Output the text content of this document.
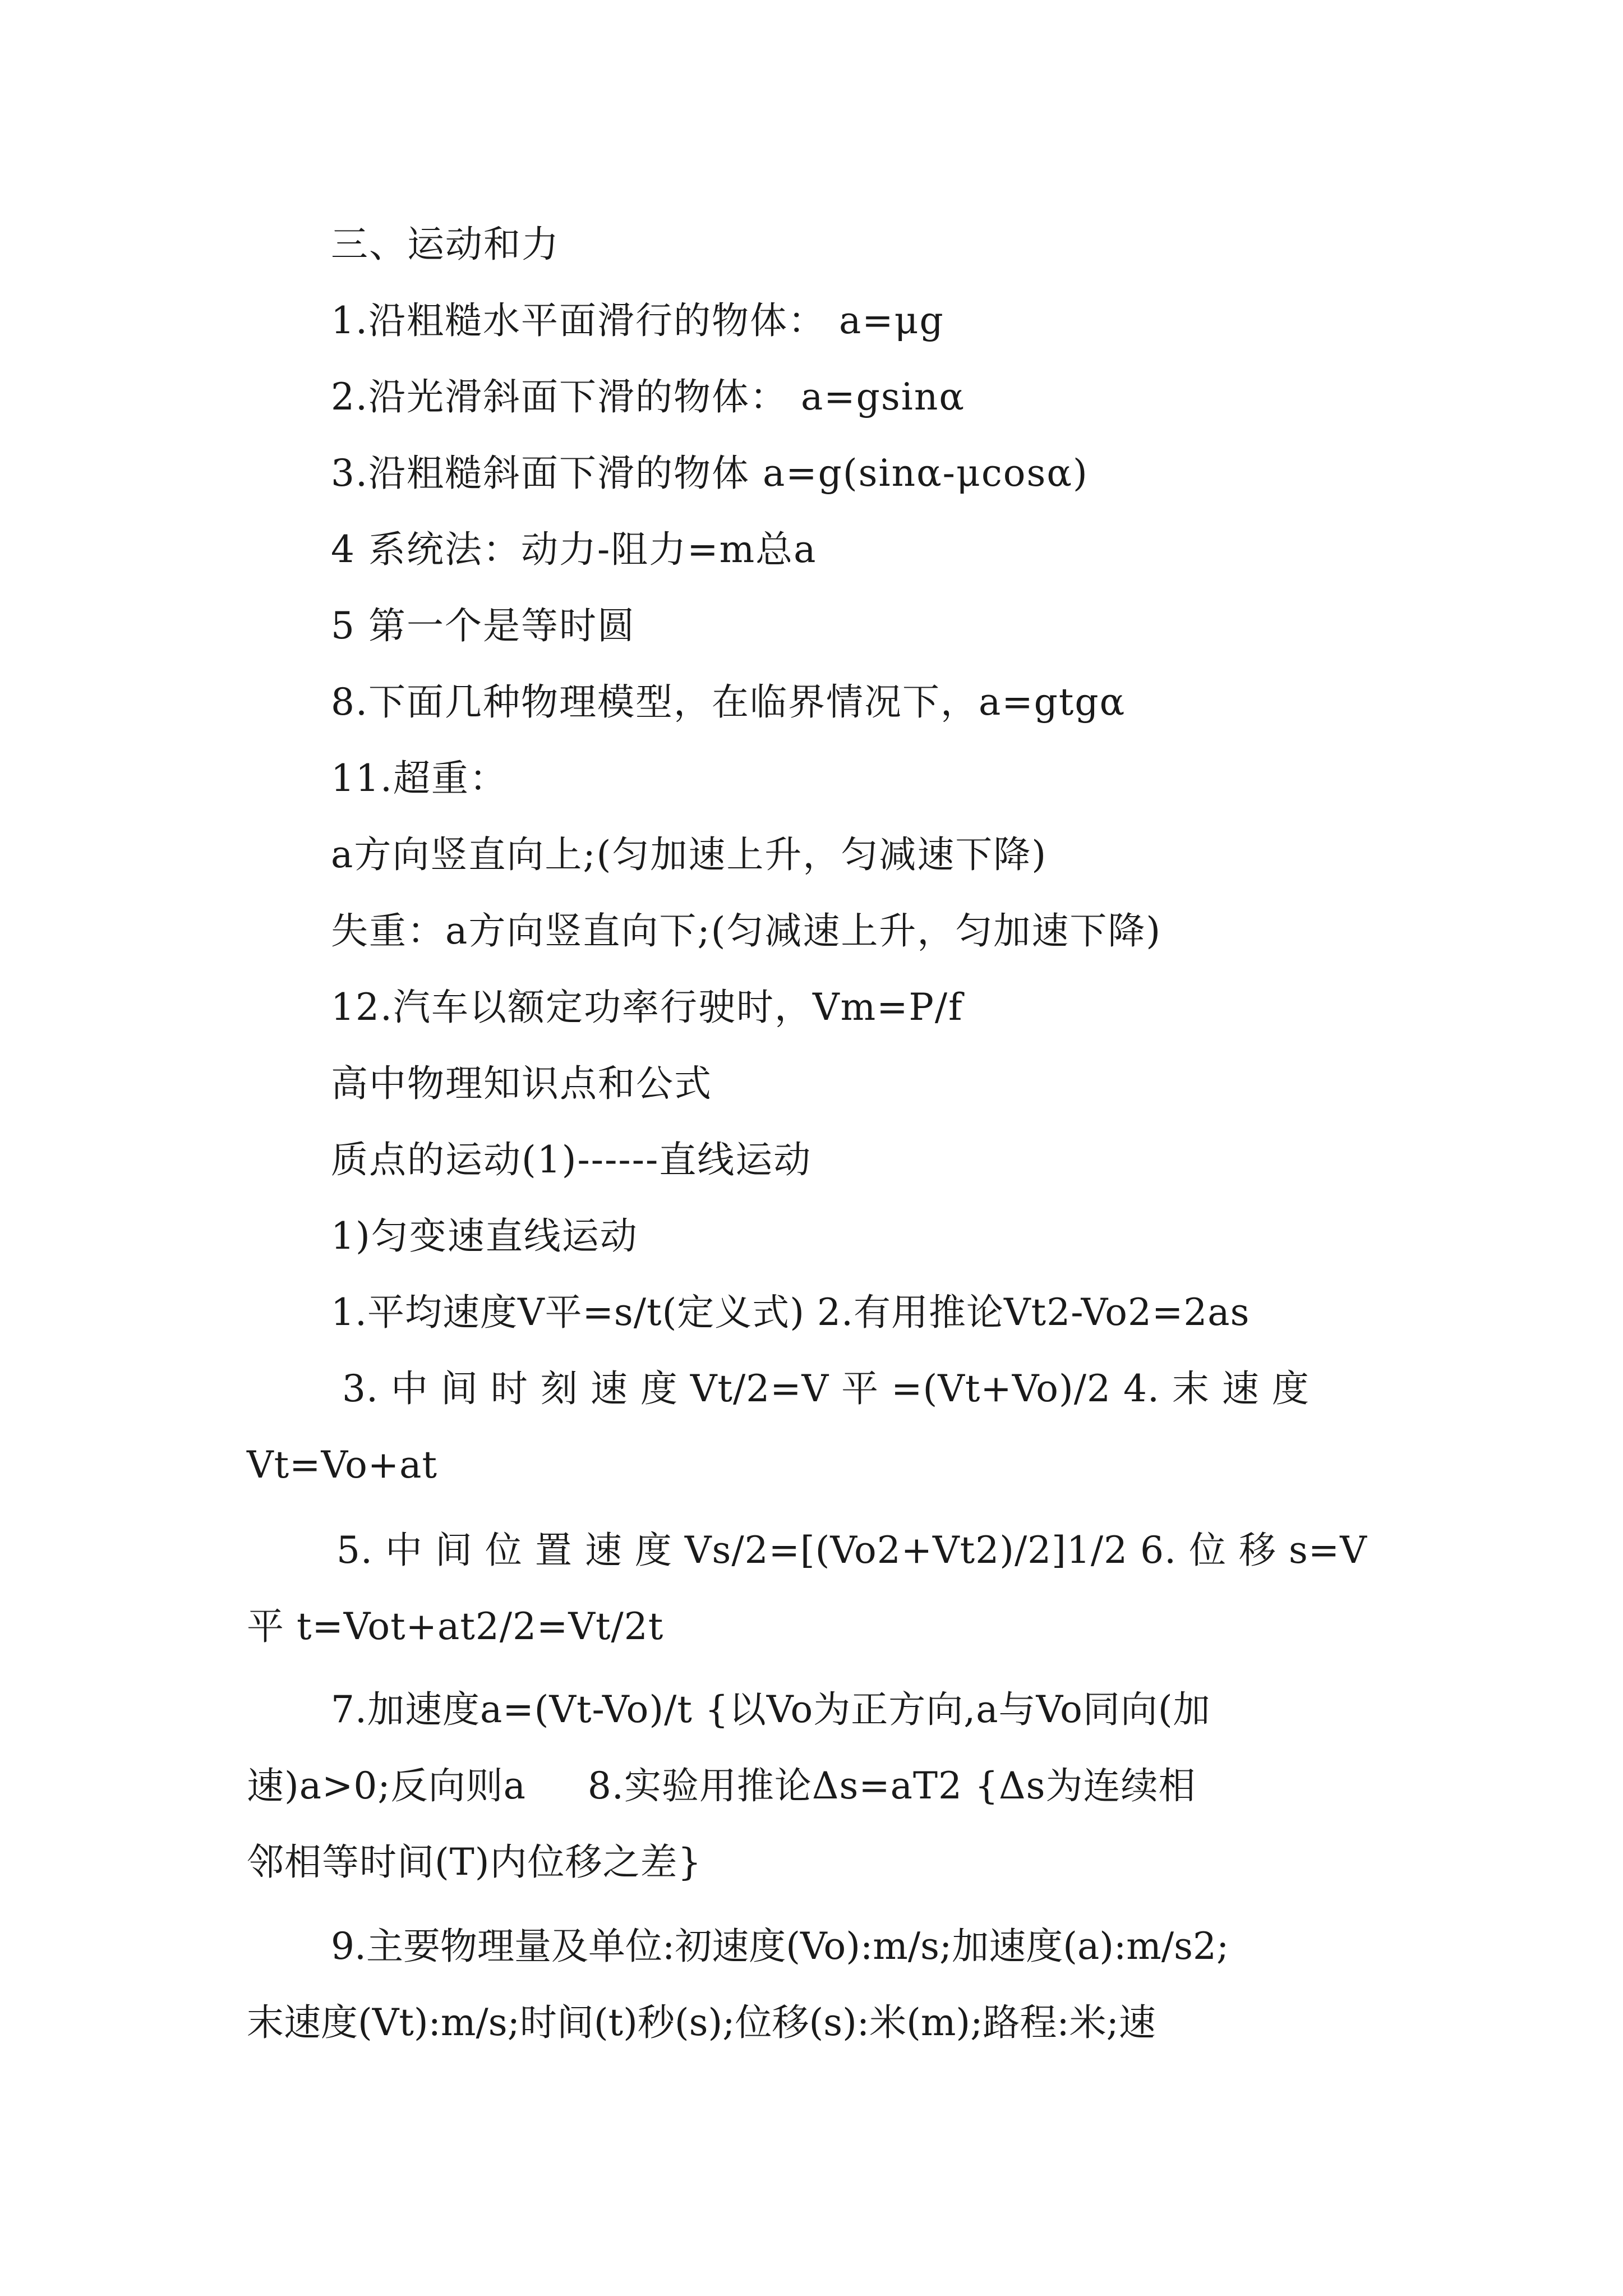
1.沿粗糙水平面滑行的物体： a=μg
2.沿光滑斜面下滑的物体： a=gsinα
3.沿粗糙斜面下滑的物体 a=g(sinα-μcosα)
4 系统法：动力-阻力=m总a
5 第一个是等时圆
8.下面几种物理模型，在临界情况下，a=gtgα
11.超重：
a方向竖直向上;(匀加速上升，匀减速下降)
失重：a方向竖直向下;(匀减速上升，匀加速下降)
12.汽车以额定功率行驶时，Vm=P/f
高中物理知识点和公式
质点的运动(1)------直线运动
1)匀变速直线运动
1.平均速度V平=s/t(定义式) 2.有用推论Vt2-Vo2=2as
三、运动和力
3. 中 间 时 刻 速 度 Vt/2=V 平 =(Vt+Vo)/2 4. 末 速 度
Vt=Vo+at
5. 中 间 位 置 速 度 Vs/2=[(Vo2+Vt2)/2]1/2 6. 位 移 s=V
平 t=Vot+at2/2=Vt/2t
7.加速度a=(Vt-Vo)/t {以Vo为正方向,a与Vo同向(加
速)a>0;反向则a     8.实验用推论Δs=aT2 {Δs为连续相
邻相等时间(T)内位移之差}
9.主要物理量及单位:初速度(Vo):m/s;加速度(a):m/s2;
末速度(Vt):m/s;时间(t)秒(s);位移(s):米(m);路程:米;速
